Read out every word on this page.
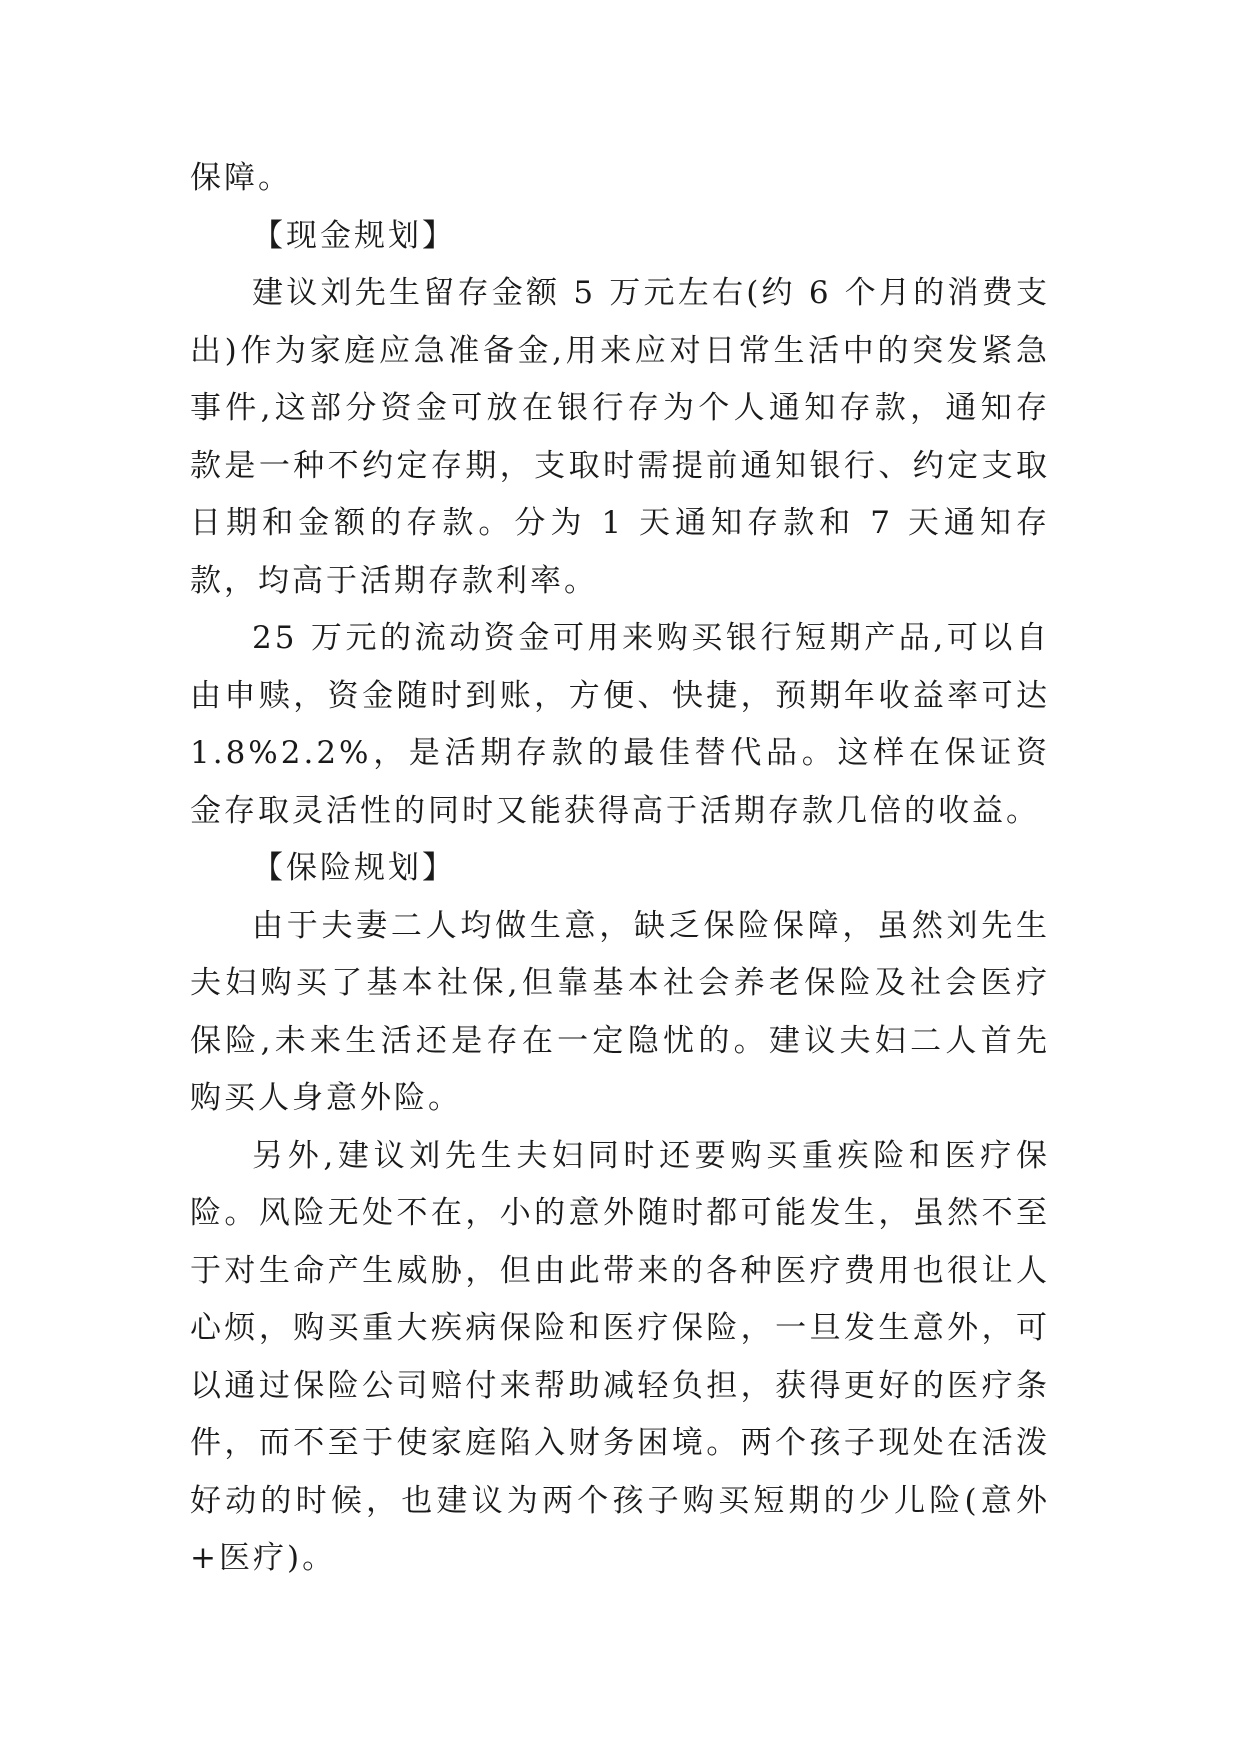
保障。

【现金规划】

建议刘先生留存金额 5 万元左右(约 6 个月的消费支出)作为家庭应急准备金,用来应对日常生活中的突发紧急事件,这部分资金可放在银行存为个人通知存款，通知存款是一种不约定存期，支取时需提前通知银行、约定支取日期和金额的存款。分为 1 天通知存款和 7 天通知存款，均高于活期存款利率。

25 万元的流动资金可用来购买银行短期产品,可以自由申赎，资金随时到账，方便、快捷，预期年收益率可达1.8%2.2%，是活期存款的最佳替代品。这样在保证资金存取灵活性的同时又能获得高于活期存款几倍的收益。

【保险规划】

由于夫妻二人均做生意，缺乏保险保障，虽然刘先生夫妇购买了基本社保,但靠基本社会养老保险及社会医疗保险,未来生活还是存在一定隐忧的。建议夫妇二人首先购买人身意外险。

另外,建议刘先生夫妇同时还要购买重疾险和医疗保险。风险无处不在，小的意外随时都可能发生，虽然不至于对生命产生威胁，但由此带来的各种医疗费用也很让人心烦，购买重大疾病保险和医疗保险，一旦发生意外，可以通过保险公司赔付来帮助减轻负担，获得更好的医疗条件，而不至于使家庭陷入财务困境。两个孩子现处在活泼好动的时候，也建议为两个孩子购买短期的少儿险(意外+医疗)。
